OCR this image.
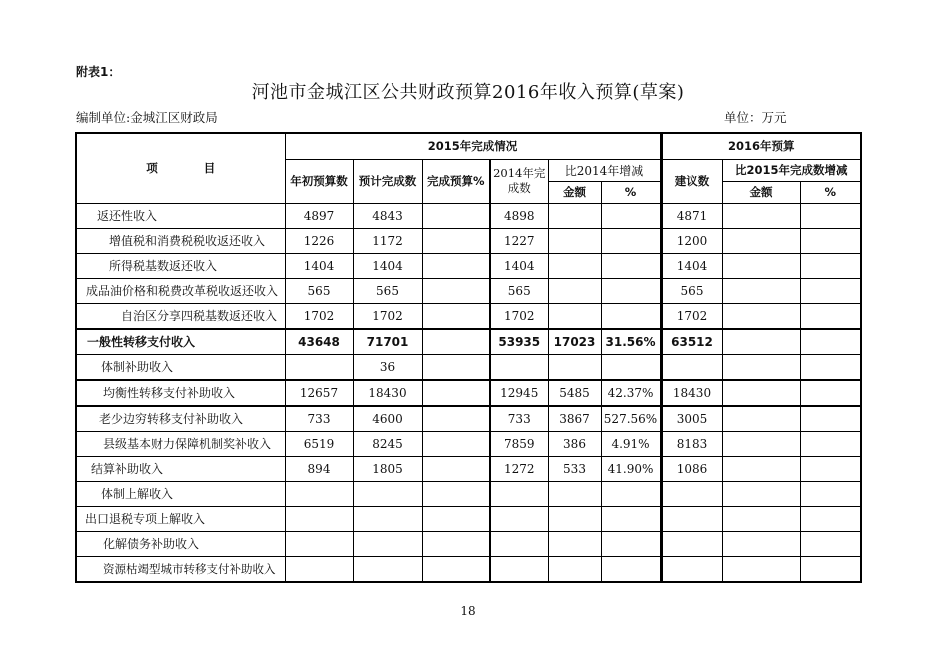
附表1：
河池市金城江区公共财政预算2016年收入预算(草案)
编制单位:金城江区财政局	单位：万元
项　　　　目	2015年完成情况						2016年预算		
	年初预算数	预计完成数	完成预算%	2014年完成数	比2014年增减		建议数	比2015年完成数增减	
					金额	%		金额	%
返还性收入	4897	4843		4898			4871		
增值税和消费税税收返还收入	1226	1172		1227			1200		
所得税基数返还收入	1404	1404		1404			1404		
成品油价格和税费改革税收返还收入	565	565		565			565		
自治区分享四税基数返还收入	1702	1702		1702			1702		
一般性转移支付收入	43648	71701		53935	17023	31.56%	63512		
体制补助收入		36							
均衡性转移支付补助收入	12657	18430		12945	5485	42.37%	18430		
老少边穷转移支付补助收入	733	4600		733	3867	527.56%	3005		
县级基本财力保障机制奖补收入	6519	8245		7859	386	4.91%	8183		
结算补助收入	894	1805		1272	533	41.90%	1086		
体制上解收入									
出口退税专项上解收入									
化解债务补助收入									
资源枯竭型城市转移支付补助收入									
18
